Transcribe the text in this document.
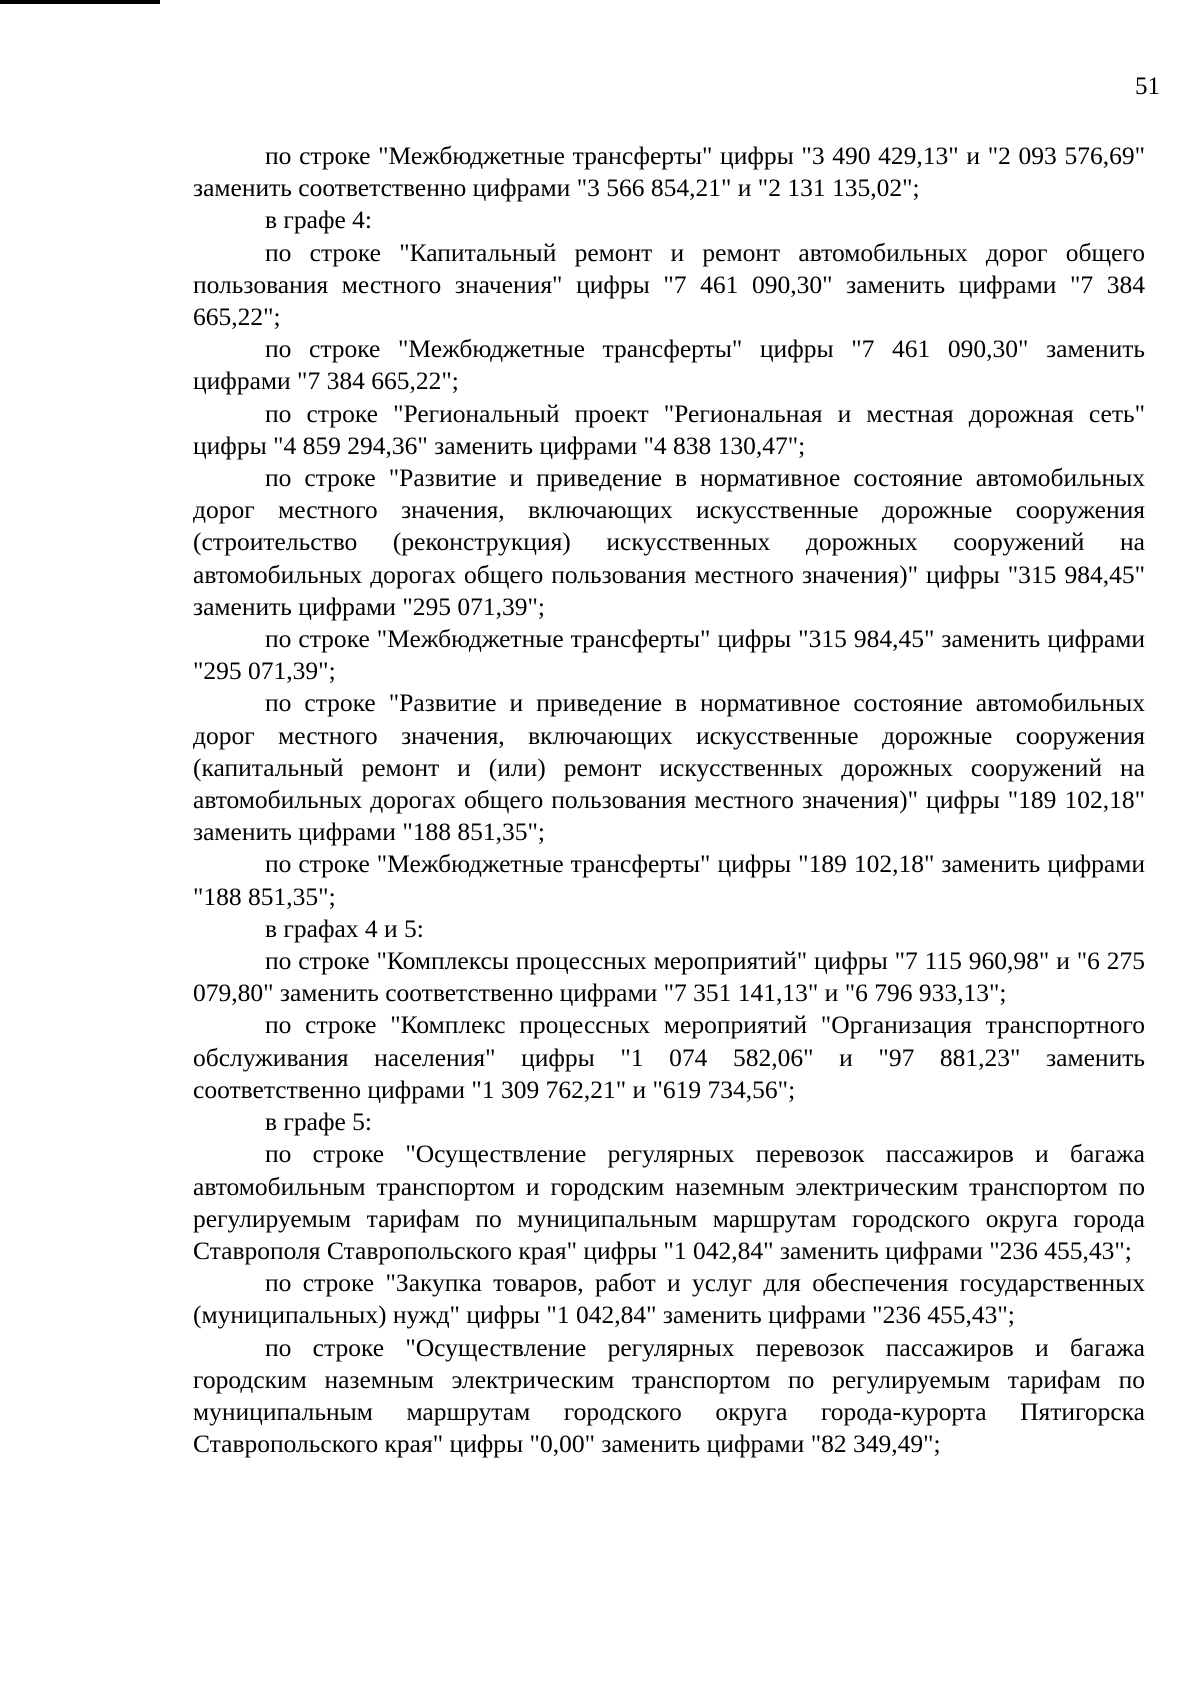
51

по строке "Межбюджетные трансферты" цифры "3 490 429,13" и "2 093 576,69" заменить соответственно цифрами "3 566 854,21" и "2 131 135,02";

в графе 4:

по строке "Капитальный ремонт и ремонт автомобильных дорог общего пользования местного значения" цифры "7 461 090,30" заменить цифрами "7 384 665,22";

по строке "Межбюджетные трансферты" цифры "7 461 090,30" заменить цифрами "7 384 665,22";

по строке "Региональный проект "Региональная и местная дорожная сеть" цифры "4 859 294,36" заменить цифрами "4 838 130,47";

по строке "Развитие и приведение в нормативное состояние автомобильных дорог местного значения, включающих искусственные дорожные сооружения (строительство (реконструкция) искусственных дорожных сооружений на автомобильных дорогах общего пользования местного значения)" цифры "315 984,45" заменить цифрами "295 071,39";

по строке "Межбюджетные трансферты" цифры "315 984,45" заменить цифрами "295 071,39";

по строке "Развитие и приведение в нормативное состояние автомобильных дорог местного значения, включающих искусственные дорожные сооружения (капитальный ремонт и (или) ремонт искусственных дорожных сооружений на автомобильных дорогах общего пользования местного значения)" цифры "189 102,18" заменить цифрами "188 851,35";

по строке "Межбюджетные трансферты" цифры "189 102,18" заменить цифрами "188 851,35";

в графах 4 и 5:

по строке "Комплексы процессных мероприятий" цифры "7 115 960,98" и "6 275 079,80" заменить соответственно цифрами "7 351 141,13" и "6 796 933,13";

по строке "Комплекс процессных мероприятий "Организация транспортного обслуживания населения" цифры "1 074 582,06" и "97 881,23" заменить соответственно цифрами "1 309 762,21" и "619 734,56";

в графе 5:

по строке "Осуществление регулярных перевозок пассажиров и багажа автомобильным транспортом и городским наземным электрическим транспортом по регулируемым тарифам по муниципальным маршрутам городского округа города Ставрополя Ставропольского края" цифры "1 042,84" заменить цифрами "236 455,43";

по строке "Закупка товаров, работ и услуг для обеспечения государственных (муниципальных) нужд" цифры "1 042,84" заменить цифрами "236 455,43";

по строке "Осуществление регулярных перевозок пассажиров и багажа городским наземным электрическим транспортом по регулируемым тарифам по муниципальным маршрутам городского округа города-курорта Пятигорска Ставропольского края" цифры "0,00" заменить цифрами "82 349,49";
